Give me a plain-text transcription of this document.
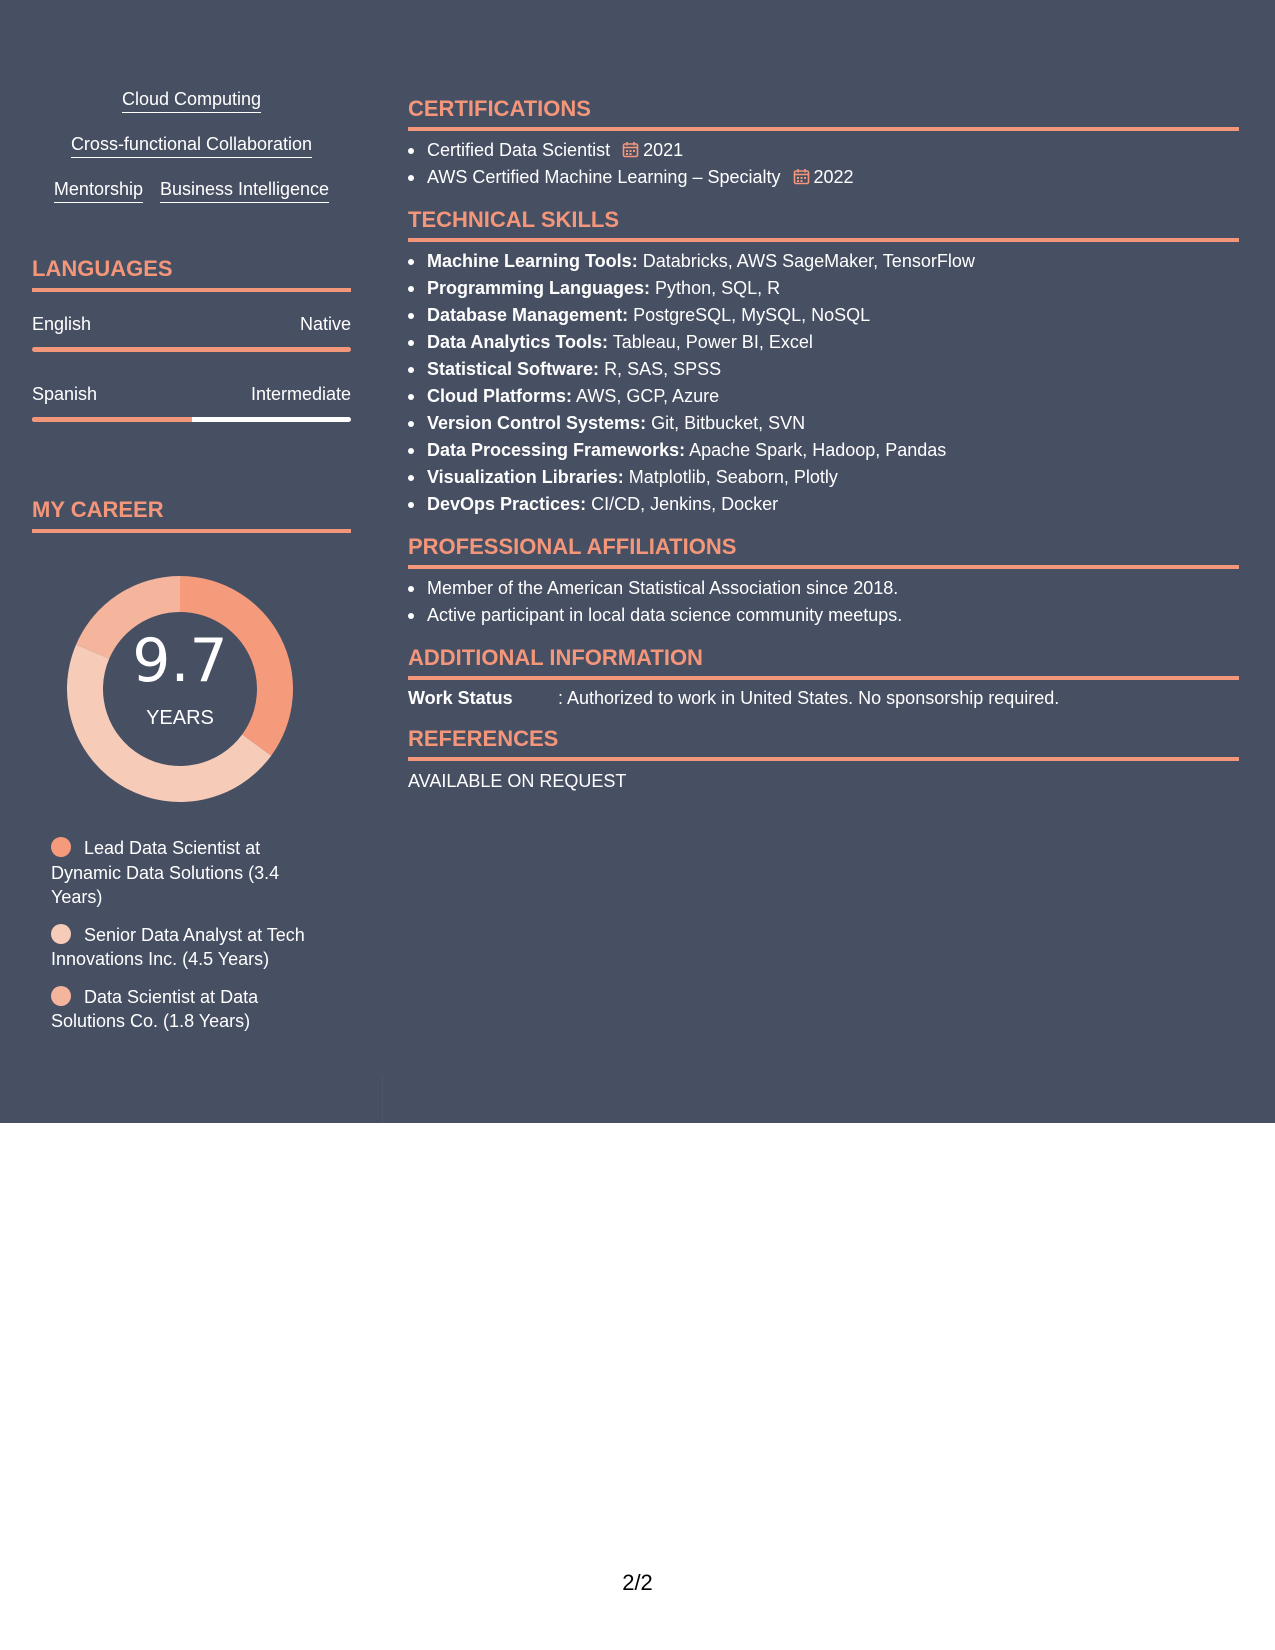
Cloud Computing
Cross-functional Collaboration
Mentorship Business Intelligence
LANGUAGES
English	Native
Spanish	Intermediate
MY CAREER
9.7
YEARS
Lead Data Scientist at Dynamic Data Solutions (3.4 Years)
Senior Data Analyst at Tech Innovations Inc. (4.5 Years)
Data Scientist at Data Solutions Co. (1.8 Years)
CERTIFICATIONS
Certified Data Scientist 2021
AWS Certified Machine Learning – Specialty 2022
TECHNICAL SKILLS
Machine Learning Tools: Databricks, AWS SageMaker, TensorFlow
Programming Languages: Python, SQL, R
Database Management: PostgreSQL, MySQL, NoSQL
Data Analytics Tools: Tableau, Power BI, Excel
Statistical Software: R, SAS, SPSS
Cloud Platforms: AWS, GCP, Azure
Version Control Systems: Git, Bitbucket, SVN
Data Processing Frameworks: Apache Spark, Hadoop, Pandas
Visualization Libraries: Matplotlib, Seaborn, Plotly
DevOps Practices: CI/CD, Jenkins, Docker
PROFESSIONAL AFFILIATIONS
Member of the American Statistical Association since 2018.
Active participant in local data science community meetups.
ADDITIONAL INFORMATION
Work Status	: Authorized to work in United States. No sponsorship required.
REFERENCES
AVAILABLE ON REQUEST
2/2
